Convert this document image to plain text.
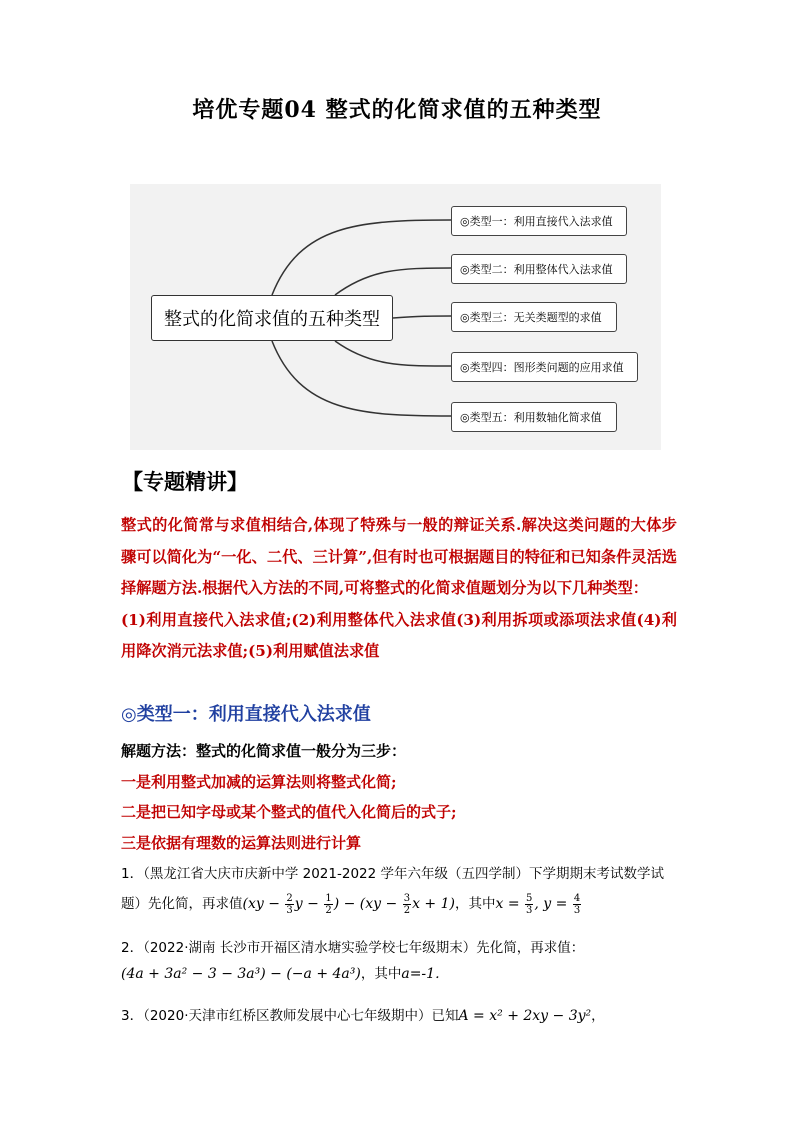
培优专题04 整式的化简求值的五种类型
整式的化简求值的五种类型
◎类型一：利用直接代入法求值
◎类型二：利用整体代入法求值
◎类型三：无关类题型的求值
◎类型四：图形类问题的应用求值
◎类型五：利用数轴化简求值
【专题精讲】

整式的化简常与求值相结合,体现了特殊与一般的辩证关系.解决这类问题的大体步骤可以简化为“一化、二代、三计算”,但有时也可根据题目的特征和已知条件灵活选择解题方法.根据代入方法的不同,可将整式的化简求值题划分为以下几种类型：

(1)利用直接代入法求值;(2)利用整体代入法求值(3)利用拆项或添项法求值(4)利用降次消元法求值;(5)利用赋值法求值

◎类型一：利用直接代入法求值
解题方法：整式的化简求值一般分为三步：
一是利用整式加减的运算法则将整式化简;
二是把已知字母或某个整式的值代入化简后的式子;
三是依据有理数的运算法则进行计算
1．（黑龙江省大庆市庆新中学 2021-2022 学年六年级（五四学制）下学期期末考试数学试
题）先化简，再求值($xy - \frac{2}{3}$ $y - \frac{1}{2}$ ) − ($xy - \frac{3}{2}$ x + 1)，其中$x = \frac{5}{3}$ , $y = \frac{4}{3}$
2．（2022·湖南 长沙市开福区清水塘实验学校七年级期末）先化简，再求值：
(4a + 3a² − 3 − 3a³) − (−a + 4a³)，其中a=-1．
3．（2020·天津市红桥区教师发展中心七年级期中）已知A = x² + 2xy − 3y²，
